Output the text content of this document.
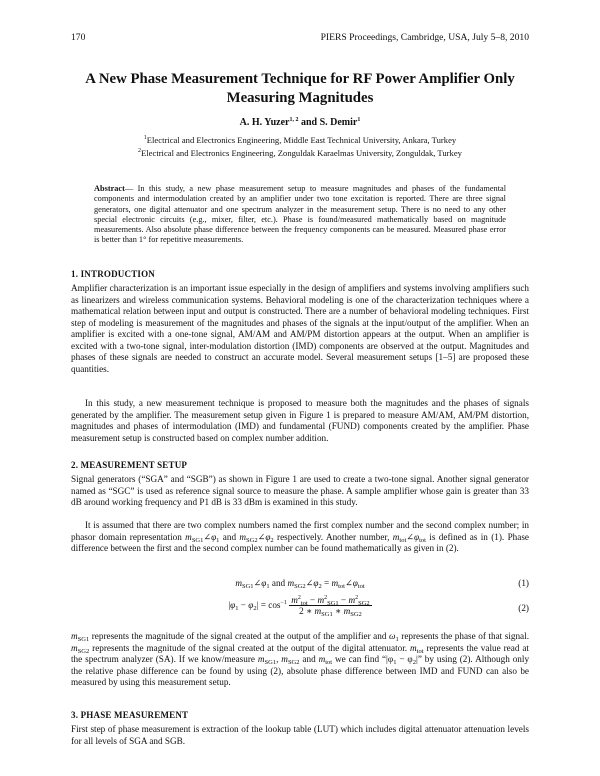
170	PIERS Proceedings, Cambridge, USA, July 5–8, 2010
A New Phase Measurement Technique for RF Power Amplifier Only
Measuring Magnitudes
A. H. Yuzer$^{1, 2}$ and S. Demir$^1$
$^1$Electrical and Electronics Engineering, Middle East Technical University, Ankara, Turkey
$^2$Electrical and Electronics Engineering, Zonguldak Karaelmas University, Zonguldak, Turkey
Abstract— In this study, a new phase measurement setup to measure magnitudes and phases of the fundamental components and intermodulation created by an amplifier under two tone excitation is reported. There are three signal generators, one digital attenuator and one spectrum analyzer in the measurement setup. There is no need to any other special electronic circuits (e.g., mixer, filter, etc.). Phase is found/measured mathematically based on magnitude measurements. Also absolute phase difference between the frequency components can be measured. Measured phase error is better than 1° for repetitive measurements.
1. INTRODUCTION
Amplifier characterization is an important issue especially in the design of amplifiers and systems involving amplifiers such as linearizers and wireless communication systems. Behavioral modeling is one of the characterization techniques where a mathematical relation between input and output is constructed. There are a number of behavioral modeling techniques. First step of modeling is measurement of the magnitudes and phases of the signals at the input/output of the amplifier. When an amplifier is excited with a one-tone signal, AM/AM and AM/PM distortion appears at the output. When an amplifier is excited with a two-tone signal, inter-modulation distortion (IMD) components are observed at the output. Magnitudes and phases of these signals are needed to construct an accurate model. Several measurement setups [1–5] are proposed these quantities.
In this study, a new measurement technique is proposed to measure both the magnitudes and the phases of signals generated by the amplifier. The measurement setup given in Figure 1 is prepared to measure AM/AM, AM/PM distortion, magnitudes and phases of intermodulation (IMD) and fundamental (FUND) components created by the amplifier. Phase measurement setup is constructed based on complex number addition.
2. MEASUREMENT SETUP
Signal generators (“SGA” and “SGB”) as shown in Figure 1 are used to create a two-tone signal. Another signal generator named as “SGC” is used as reference signal source to measure the phase. A sample amplifier whose gain is greater than 33 dB around working frequency and P1 dB is 33 dBm is examined in this study.
It is assumed that there are two complex numbers named the first complex number and the second complex number; in phasor domain representation $m_{SG1}\angle\varphi_1$ and $m_{SG2}\angle\varphi_2$ respectively. Another number, $m_{tot}\angle\varphi_{tot}$ is defined as in (1). Phase difference between the first and the second complex number can be found mathematically as given in (2).
$m_{SG1}\angle\varphi_1$ and $m_{SG2}\angle\varphi_2$ = $m_{tot}\angle\varphi_{tot}$	(1)
$|\varphi_1 - \varphi_2| = \cos^{-1} \frac{m^2_{tot} - m^2_{SG1} - m^2_{SG2}}{2 ∗ m_{SG1} ∗ m_{SG2}}$	(2)
$m_{SG1}$ represents the magnitude of the signal created at the output of the amplifier and $\omega_1$ represents the phase of that signal. $m_{SG2}$ represents the magnitude of the signal created at the output of the digital attenuator. $m_{tot}$ represents the value read at the spectrum analyzer (SA). If we know/measure $m_{SG1}$, $m_{SG2}$ and $m_{tot}$ we can find “$|\varphi_1 - \varphi_2|$” by using (2). Although only the relative phase difference can be found by using (2), absolute phase difference between IMD and FUND can also be measured by using this measurement setup.
3. PHASE MEASUREMENT
First step of phase measurement is extraction of the lookup table (LUT) which includes digital attenuator attenuation levels for all levels of SGA and SGB.
